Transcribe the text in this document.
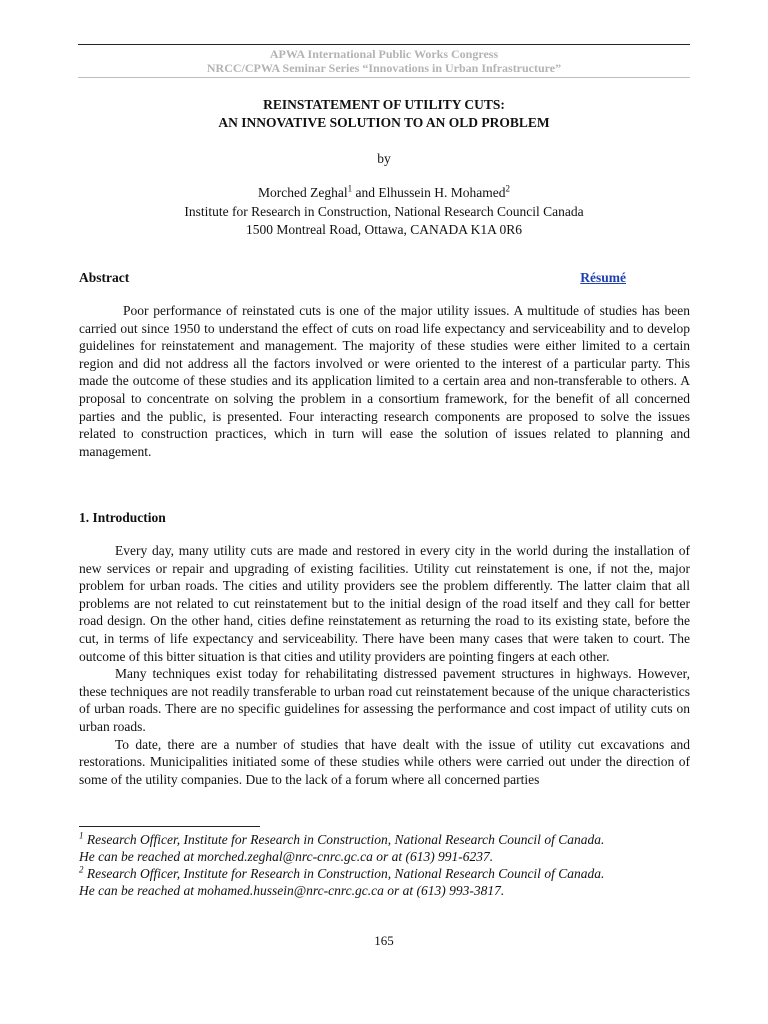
APWA International Public Works Congress
NRCC/CPWA Seminar Series “Innovations in Urban Infrastructure”
REINSTATEMENT OF UTILITY CUTS:
AN INNOVATIVE SOLUTION TO AN OLD PROBLEM
by
Morched Zeghal$^1$ and Elhussein H. Mohamed$^2$
Institute for Research in Construction, National Research Council Canada
1500 Montreal Road, Ottawa, CANADA K1A 0R6
Abstract	Résumé

Poor performance of reinstated cuts is one of the major utility issues. A multitude of studies has been carried out since 1950 to understand the effect of cuts on road life expectancy and serviceability and to develop guidelines for reinstatement and management. The majority of these studies were either limited to a certain region and did not address all the factors involved or were oriented to the interest of a particular party. This made the outcome of these studies and its application limited to a certain area and non-transferable to others. A proposal to concentrate on solving the problem in a consortium framework, for the benefit of all concerned parties and the public, is presented. Four interacting research components are proposed to solve the issues related to construction practices, which in turn will ease the solution of issues related to planning and management.

1. Introduction

Every day, many utility cuts are made and restored in every city in the world during the installation of new services or repair and upgrading of existing facilities. Utility cut reinstatement is one, if not the, major problem for urban roads. The cities and utility providers see the problem differently. The latter claim that all problems are not related to cut reinstatement but to the initial design of the road itself and they call for better road design. On the other hand, cities define reinstatement as returning the road to its existing state, before the cut, in terms of life expectancy and serviceability. There have been many cases that were taken to court. The outcome of this bitter situation is that cities and utility providers are pointing fingers at each other.

Many techniques exist today for rehabilitating distressed pavement structures in highways. However, these techniques are not readily transferable to urban road cut reinstatement because of the unique characteristics of urban roads. There are no specific guidelines for assessing the performance and cost impact of utility cuts on urban roads.

To date, there are a number of studies that have dealt with the issue of utility cut excavations and restorations. Municipalities initiated some of these studies while others were carried out under the direction of some of the utility companies. Due to the lack of a forum where all concerned parties

$^1$ Research Officer, Institute for Research in Construction, National Research Council of Canada.
He can be reached at morched.zeghal@nrc-cnrc.gc.ca or at (613) 991-6237.
$^2$ Research Officer, Institute for Research in Construction, National Research Council of Canada.
He can be reached at mohamed.hussein@nrc-cnrc.gc.ca or at (613) 993-3817.
165
